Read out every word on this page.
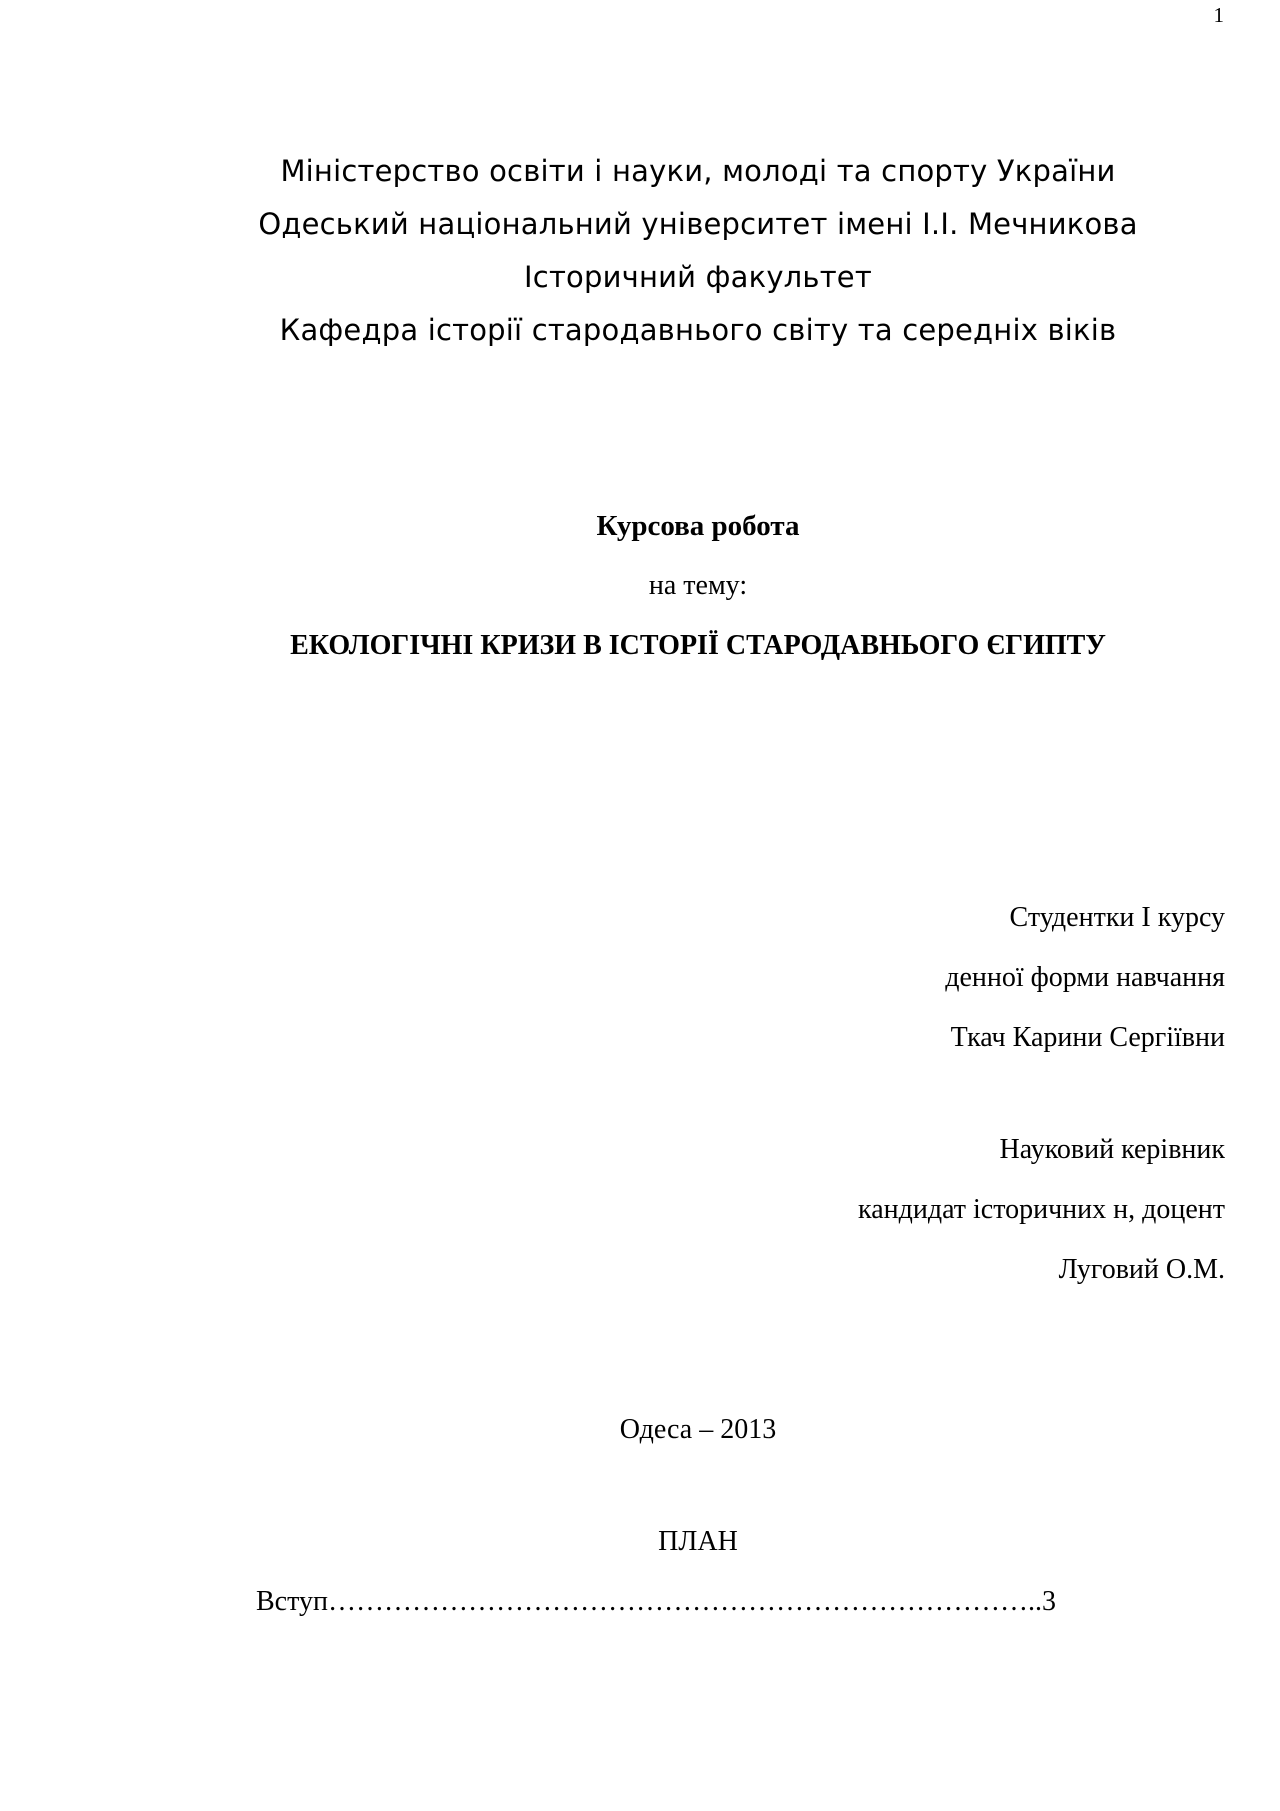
1
Міністерство освіти і науки, молоді та спорту України
Одеський національний університет імені І.І. Мечникова
Історичний факультет
Кафедра історії стародавнього світу та середніх віків
Курсова робота
на тему:
ЕКОЛОГІЧНІ КРИЗИ В ІСТОРІЇ СТАРОДАВНЬОГО ЄГИПТУ
Студентки І курсу
денної форми навчання
Ткач Карини Сергіївни
Науковий керівник
кандидат історичних н, доцент
Луговий О.М.
Одеса – 2013
ПЛАН
Вступ…………………………………………………………………..3
